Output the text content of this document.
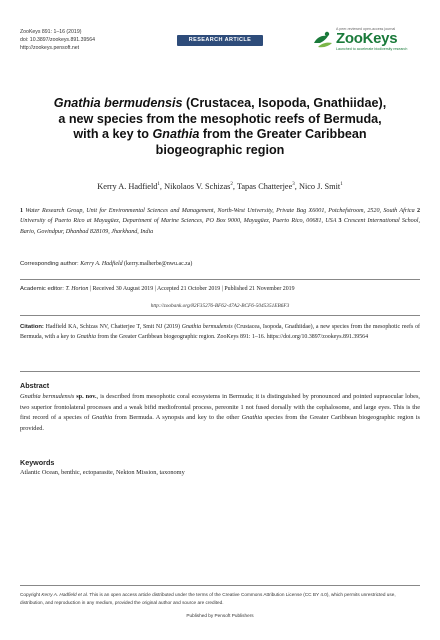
ZooKeys 891: 1–16 (2019)
doi: 10.3897/zookeys.891.39564
http://zookeys.pensoft.net
RESEARCH ARTICLE
A peer-reviewed open-access journal
ZooKeys
Launched to accelerate biodiversity research
Gnathia bermudensis (Crustacea, Isopoda, Gnathiidae),
a new species from the mesophotic reefs of Bermuda,
with a key to Gnathia from the Greater Caribbean
biogeographic region
Kerry A. Hadfield$^1$, Nikolaos V. Schizas$^2$, Tapas Chatterjee$^3$, Nico J. Smit$^1$
1 Water Research Group, Unit for Environmental Sciences and Management, North-West University, Private Bag X6001, Potchefstroom, 2520, South Africa 2 University of Puerto Rico at Mayagüez, Department of Marine Sciences, PO Box 9000, Mayagüez, Puerto Rico, 00681, USA 3 Crescent International School, Bario, Govindpur, Dhanbad 828109, Jharkhand, India
Corresponding author: Kerry A. Hadfield (kerry.malherbe@nwu.ac.za)
Academic editor: T. Horton | Received 30 August 2019 | Accepted 21 October 2019 | Published 21 November 2019
http://zoobank.org/82F35276-BF62-47A2-BCF6-5045351EB6F3
Citation: Hadfield KA, Schizas NV, Chatterjee T, Smit NJ (2019) Gnathia bermudensis (Crustacea, Isopoda, Gnathiidae), a new species from the mesophotic reefs of Bermuda, with a key to Gnathia from the Greater Caribbean biogeographic region. ZooKeys 891: 1–16. https://doi.org/10.3897/zookeys.891.39564
Abstract
Gnathia bermudensis sp. nov., is described from mesophotic coral ecosystems in Bermuda; it is distinguished by pronounced and pointed supraocular lobes, two superior frontolateral processes and a weak bifid mediofrontal process, pereonite 1 not fused dorsally with the cephalosome, and large eyes. This is the first record of a species of Gnathia from Bermuda. A synopsis and key to the other Gnathia species from the Greater Caribbean biogeographic region is provided.
Keywords
Atlantic Ocean, benthic, ectoparasite, Nekton Mission, taxonomy
Copyright Kerry A. Hadfield et al. This is an open access article distributed under the terms of the Creative Commons Attribution License (CC BY 4.0), which permits unrestricted use, distribution, and reproduction in any medium, provided the original author and source are credited.
Published by Pensoft Publishers
